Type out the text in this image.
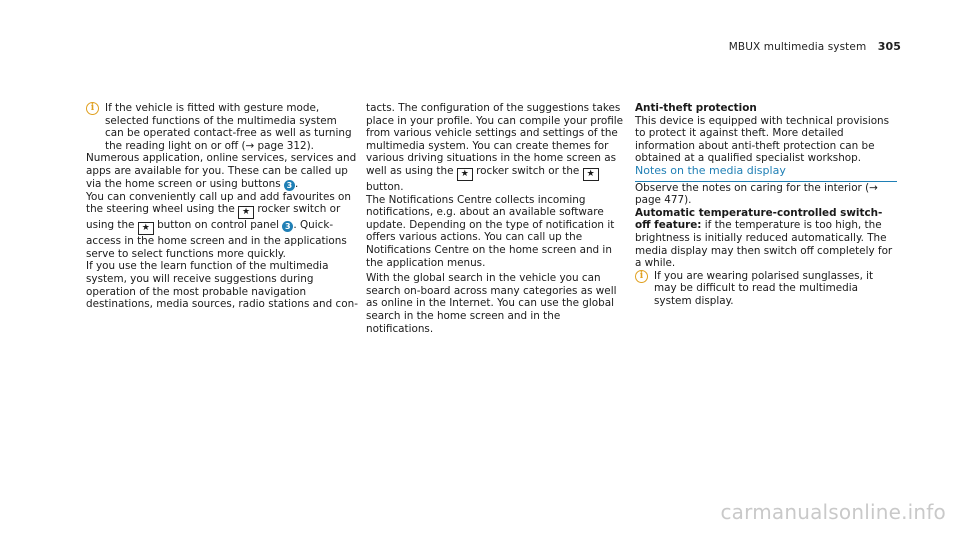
MBUX multimedia system 305
i	If the vehicle is fitted with gesture mode, selected functions of the multimedia system can be operated contact-free as well as turning the reading light on or off (→ page 312).

Numerous application, online services, services and apps are available for you. These can be called up via the home screen or using buttons 3 .

You can conveniently call up and add favourites on the steering wheel using the ★ rocker switch or using the ★ button on control panel 3 . Quick-access in the home screen and in the applications serve to select functions more quickly.

If you use the learn function of the multimedia system, you will receive suggestions during operation of the most probable navigation destinations, media sources, radio stations and con-

tacts. The configuration of the suggestions takes place in your profile. You can compile your profile from various vehicle settings and settings of the multimedia system. You can create themes for various driving situations in the home screen as well as using the ★ rocker switch or the ★ button.

The Notifications Centre collects incoming notifications, e.g. about an available software update. Depending on the type of notification it offers various actions. You can call up the Notifications Centre on the home screen and in the application menus.

With the global search in the vehicle you can search on-board across many categories as well as online in the Internet. You can use the global search in the home screen and in the notifications.

Anti-theft protection

This device is equipped with technical provisions to protect it against theft. More detailed information about anti-theft protection can be obtained at a qualified specialist workshop.

Notes on the media display

Observe the notes on caring for the interior (→ page 477).

Automatic temperature-controlled switch-off feature: if the temperature is too high, the brightness is initially reduced automatically. The media display may then switch off completely for a while.

i	If you are wearing polarised sunglasses, it may be difficult to read the multimedia system display.

carmanualsonline.info
